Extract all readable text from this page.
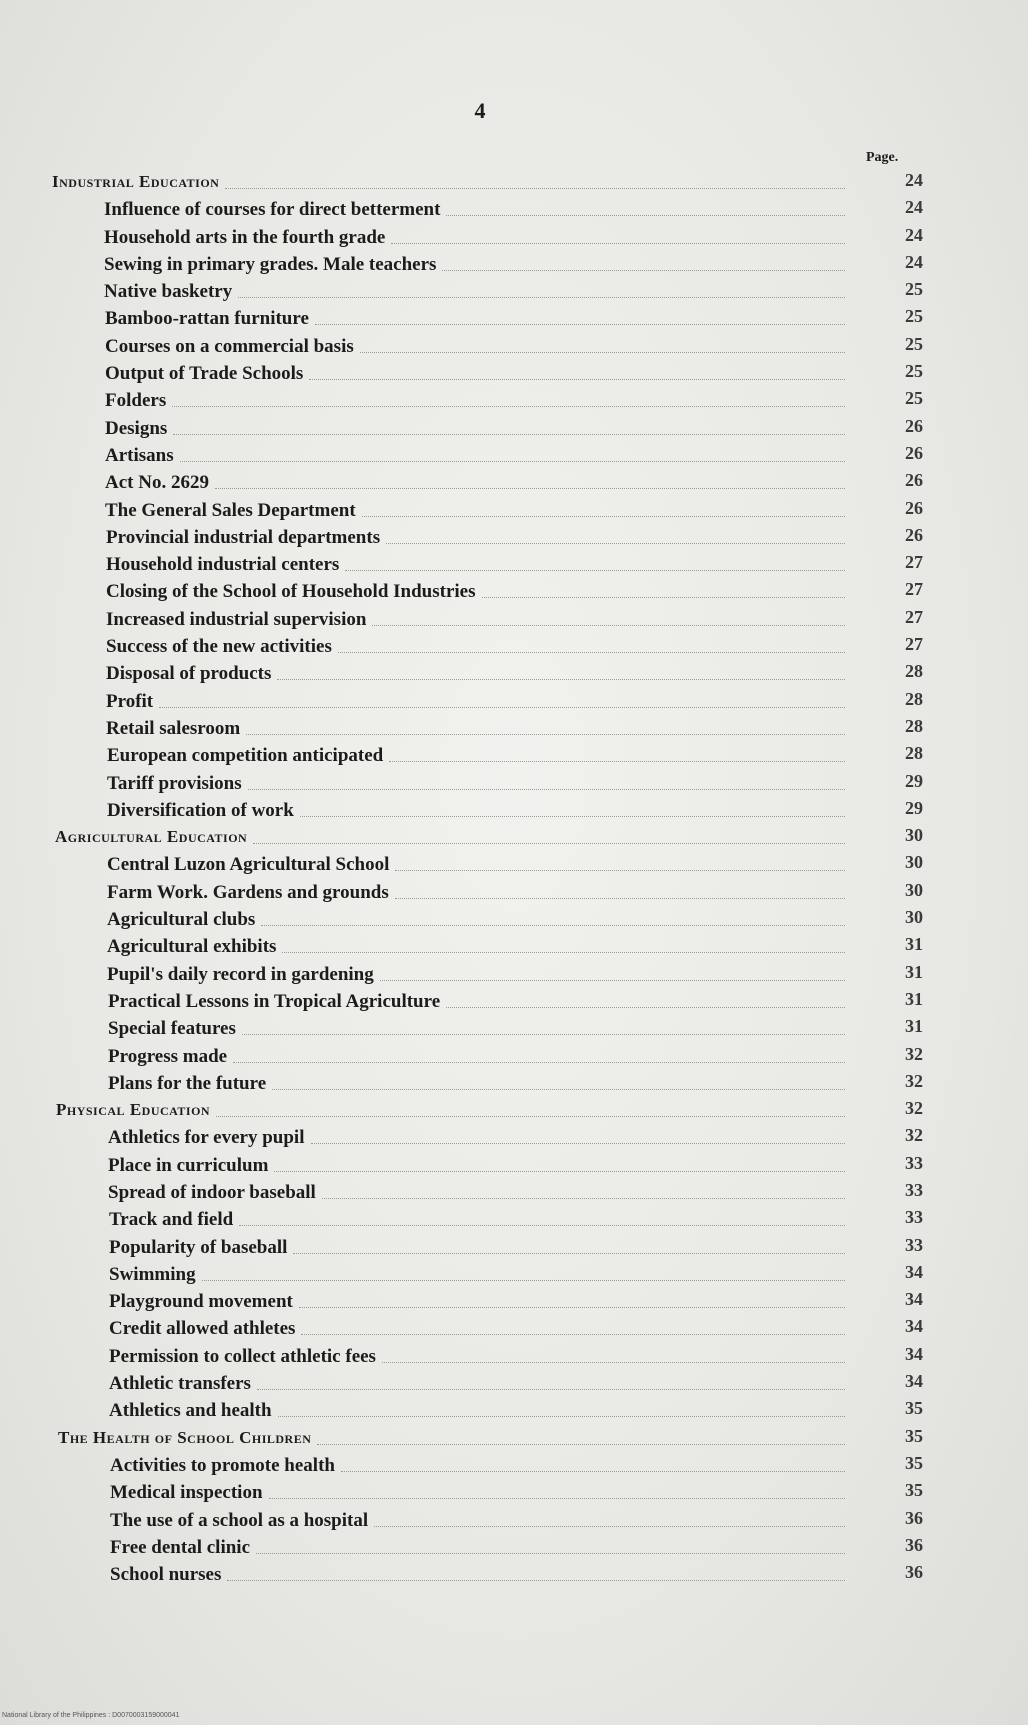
4
Page.
Industrial Education	24
Influence of courses for direct betterment	24
Household arts in the fourth grade	24
Sewing in primary grades. Male teachers	24
Native basketry	25
Bamboo-rattan furniture	25
Courses on a commercial basis	25
Output of Trade Schools	25
Folders	25
Designs	26
Artisans	26
Act No. 2629	26
The General Sales Department	26
Provincial industrial departments	26
Household industrial centers	27
Closing of the School of Household Industries	27
Increased industrial supervision	27
Success of the new activities	27
Disposal of products	28
Profit	28
Retail salesroom	28
European competition anticipated	28
Tariff provisions	29
Diversification of work	29
Agricultural Education	30
Central Luzon Agricultural School	30
Farm Work. Gardens and grounds	30
Agricultural clubs	30
Agricultural exhibits	31
Pupil's daily record in gardening	31
Practical Lessons in Tropical Agriculture	31
Special features	31
Progress made	32
Plans for the future	32
Physical Education	32
Athletics for every pupil	32
Place in curriculum	33
Spread of indoor baseball	33
Track and field	33
Popularity of baseball	33
Swimming	34
Playground movement	34
Credit allowed athletes	34
Permission to collect athletic fees	34
Athletic transfers	34
Athletics and health	35
The Health of School Children	35
Activities to promote health	35
Medical inspection	35
The use of a school as a hospital	36
Free dental clinic	36
School nurses	36
National Library of the Philippines : D0070003159000041
